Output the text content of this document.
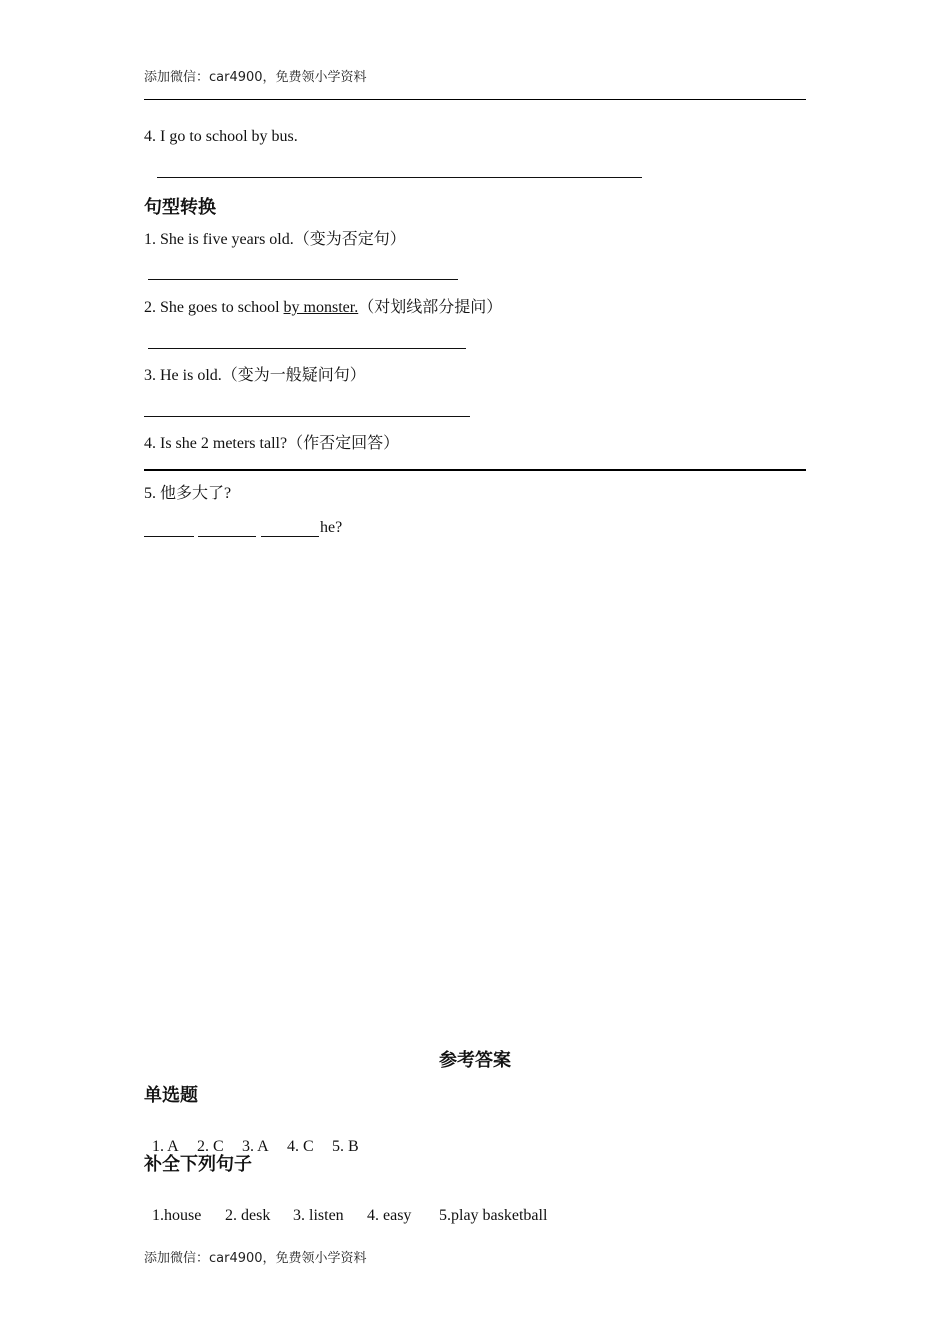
添加微信：car4900，免费领小学资料
4. I go to school by bus.
句型转换
1. She is five years old.（变为否定句）
2. She goes to school by monster.（对划线部分提问）
3. He is old.（变为一般疑问句）
4. Is she 2 meters tall?（作否定回答）
5. 他多大了?
he?
参考答案
单选题

1. A 2. C 3. A 4. C 5. B

补全下列句子

1.house 2. desk 3. listen 4. easy 5.play basketball

添加微信：car4900，免费领小学资料
